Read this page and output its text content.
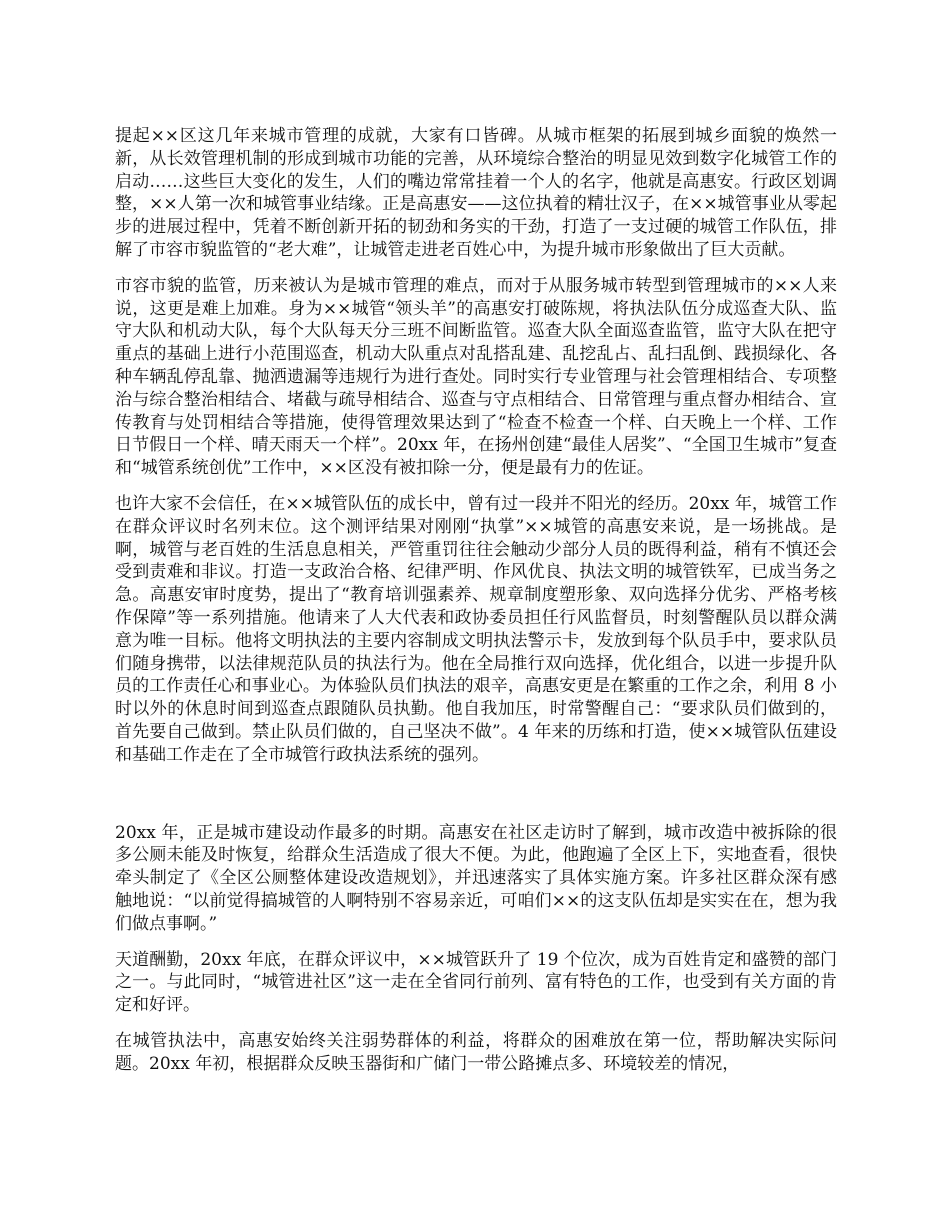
提起××区这几年来城市管理的成就，大家有口皆碑。从城市框架的拓展到城乡面貌的焕然一新，从长效管理机制的形成到城市功能的完善，从环境综合整治的明显见效到数字化城管工作的启动……这些巨大变化的发生，人们的嘴边常常挂着一个人的名字，他就是高惠安。行政区划调整，××人第一次和城管事业结缘。正是高惠安——这位执着的精壮汉子，在××城管事业从零起步的进展过程中，凭着不断创新开拓的韧劲和务实的干劲，打造了一支过硬的城管工作队伍，排解了市容市貌监管的“老大难”，让城管走进老百姓心中，为提升城市形象做出了巨大贡献。

市容市貌的监管，历来被认为是城市管理的难点，而对于从服务城市转型到管理城市的××人来说，这更是难上加难。身为××城管“领头羊”的高惠安打破陈规，将执法队伍分成巡查大队、监守大队和机动大队，每个大队每天分三班不间断监管。巡查大队全面巡查监管，监守大队在把守重点的基础上进行小范围巡查，机动大队重点对乱搭乱建、乱挖乱占、乱扫乱倒、践损绿化、各种车辆乱停乱靠、抛洒遗漏等违规行为进行查处。同时实行专业管理与社会管理相结合、专项整治与综合整治相结合、堵截与疏导相结合、巡查与守点相结合、日常管理与重点督办相结合、宣传教育与处罚相结合等措施，使得管理效果达到了“检查不检查一个样、白天晚上一个样、工作日节假日一个样、晴天雨天一个样”。20xx 年，在扬州创建“最佳人居奖”、“全国卫生城市”复查和“城管系统创优”工作中，××区没有被扣除一分，便是最有力的佐证。

也许大家不会信任，在××城管队伍的成长中，曾有过一段并不阳光的经历。20xx 年，城管工作在群众评议时名列末位。这个测评结果对刚刚“执掌”××城管的高惠安来说，是一场挑战。是啊，城管与老百姓的生活息息相关，严管重罚往往会触动少部分人员的既得利益，稍有不慎还会受到责难和非议。打造一支政治合格、纪律严明、作风优良、执法文明的城管铁军，已成当务之急。高惠安审时度势，提出了“教育培训强素养、规章制度塑形象、双向选择分优劣、严格考核作保障”等一系列措施。他请来了人大代表和政协委员担任行风监督员，时刻警醒队员以群众满意为唯一目标。他将文明执法的主要内容制成文明执法警示卡，发放到每个队员手中，要求队员们随身携带，以法律规范队员的执法行为。他在全局推行双向选择，优化组合，以进一步提升队员的工作责任心和事业心。为体验队员们执法的艰辛，高惠安更是在繁重的工作之余，利用 8 小时以外的休息时间到巡查点跟随队员执勤。他自我加压，时常警醒自己：“要求队员们做到的，首先要自己做到。禁止队员们做的，自己坚决不做”。4 年来的历练和打造，使××城管队伍建设和基础工作走在了全市城管行政执法系统的强列。

20xx 年，正是城市建设动作最多的时期。高惠安在社区走访时了解到，城市改造中被拆除的很多公厕未能及时恢复，给群众生活造成了很大不便。为此，他跑遍了全区上下，实地查看，很快牵头制定了《全区公厕整体建设改造规划》，并迅速落实了具体实施方案。许多社区群众深有感触地说：“以前觉得搞城管的人啊特别不容易亲近，可咱们××的这支队伍却是实实在在，想为我们做点事啊。”

天道酬勤，20xx 年底，在群众评议中，××城管跃升了 19 个位次，成为百姓肯定和盛赞的部门之一。与此同时，“城管进社区”这一走在全省同行前列、富有特色的工作，也受到有关方面的肯定和好评。

在城管执法中，高惠安始终关注弱势群体的利益，将群众的困难放在第一位，帮助解决实际问题。20xx 年初，根据群众反映玉器街和广储门一带公路摊点多、环境较差的情况，
